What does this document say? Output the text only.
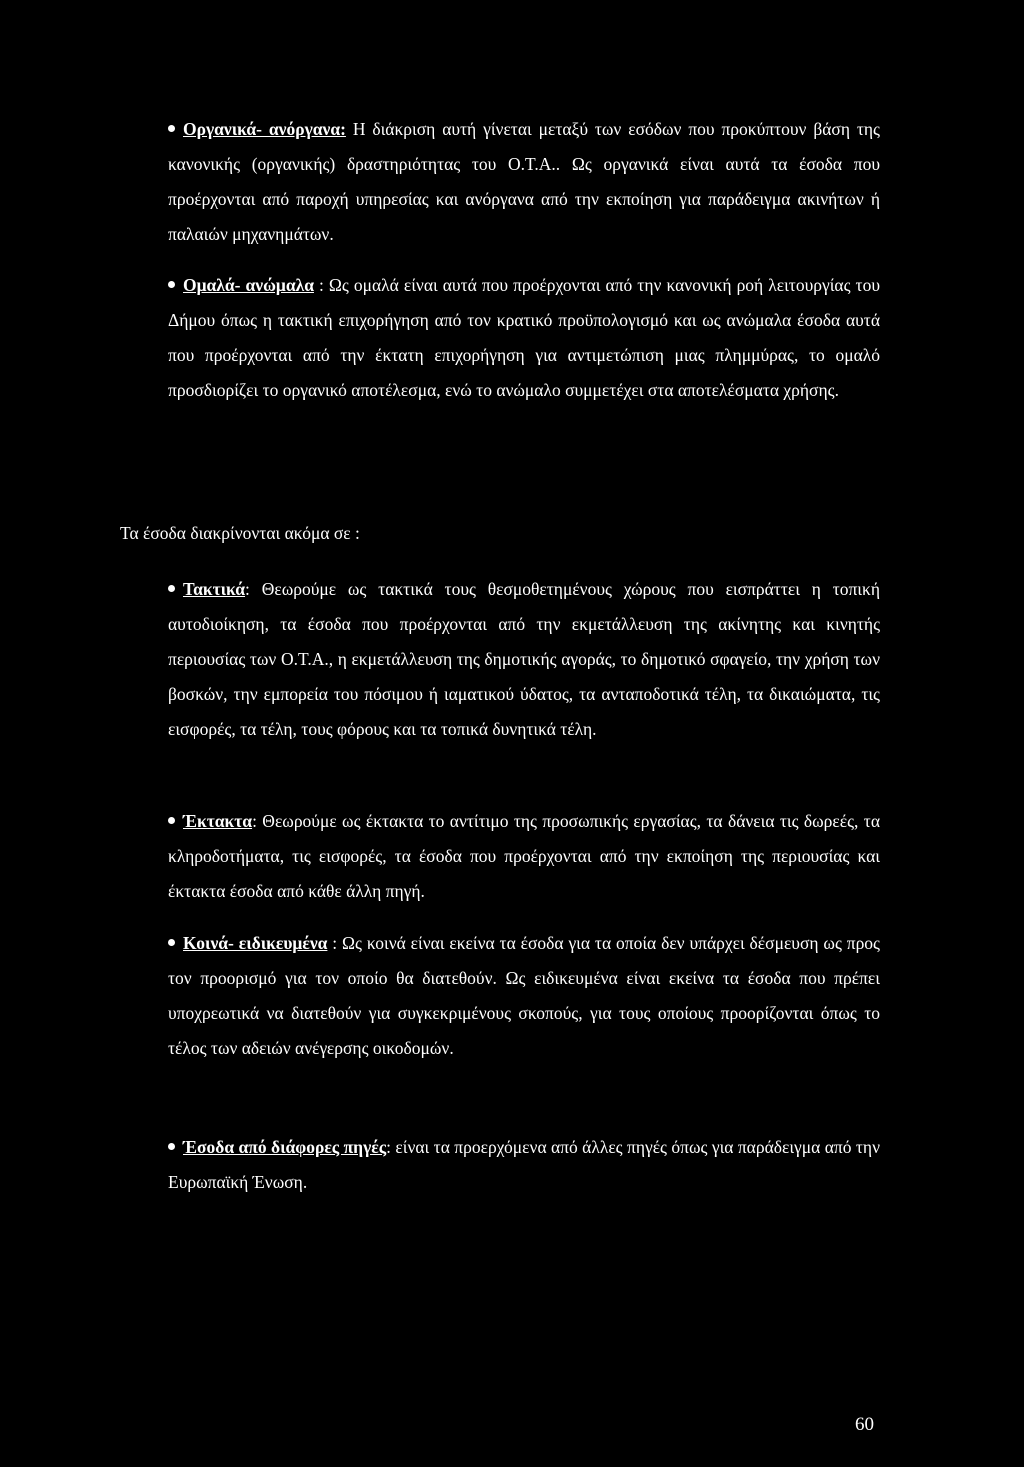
Οργανικά- ανόργανα: Η διάκριση αυτή γίνεται μεταξύ των εσόδων που προκύπτουν βάση της κανονικής (οργανικής) δραστηριότητας του Ο.Τ.Α.. Ως οργανικά είναι αυτά τα έσοδα που προέρχονται από παροχή υπηρεσίας και ανόργανα από την εκποίηση για παράδειγμα ακινήτων ή παλαιών μηχανημάτων.
Ομαλά- ανώμαλα : Ως ομαλά είναι αυτά που προέρχονται από την κανονική ροή λειτουργίας του Δήμου όπως η τακτική επιχορήγηση από τον κρατικό προϋπολογισμό και ως ανώμαλα έσοδα αυτά που προέρχονται από την έκτατη επιχορήγηση για αντιμετώπιση μιας πλημμύρας, το ομαλό προσδιορίζει το οργανικό αποτέλεσμα, ενώ το ανώμαλο συμμετέχει στα αποτελέσματα χρήσης.
Τα έσοδα διακρίνονται ακόμα σε :
Τακτικά: Θεωρούμε ως τακτικά τους θεσμοθετημένους χώρους που εισπράττει η τοπική αυτοδιοίκηση, τα έσοδα που προέρχονται από την εκμετάλλευση της ακίνητης και κινητής περιουσίας των Ο.Τ.Α., η εκμετάλλευση της δημοτικής αγοράς, το δημοτικό σφαγείο, την χρήση των βοσκών, την εμπορεία του πόσιμου ή ιαματικού ύδατος, τα ανταποδοτικά τέλη, τα δικαιώματα, τις εισφορές, τα τέλη, τους φόρους και τα τοπικά δυνητικά τέλη.
Έκτακτα: Θεωρούμε ως έκτακτα το αντίτιμο της προσωπικής εργασίας, τα δάνεια τις δωρεές, τα κληροδοτήματα, τις εισφορές, τα έσοδα που προέρχονται από την εκποίηση της περιουσίας και έκτακτα έσοδα από κάθε άλλη πηγή.
Κοινά- ειδικευμένα : Ως κοινά είναι εκείνα τα έσοδα για τα οποία δεν υπάρχει δέσμευση ως προς τον προορισμό για τον οποίο θα διατεθούν. Ως ειδικευμένα είναι εκείνα τα έσοδα που πρέπει υποχρεωτικά να διατεθούν για συγκεκριμένους σκοπούς, για τους οποίους προορίζονται όπως το τέλος των αδειών ανέγερσης οικοδομών.
Έσοδα από διάφορες πηγές: είναι τα προερχόμενα από άλλες πηγές όπως για παράδειγμα από την Ευρωπαϊκή Ένωση.
60
